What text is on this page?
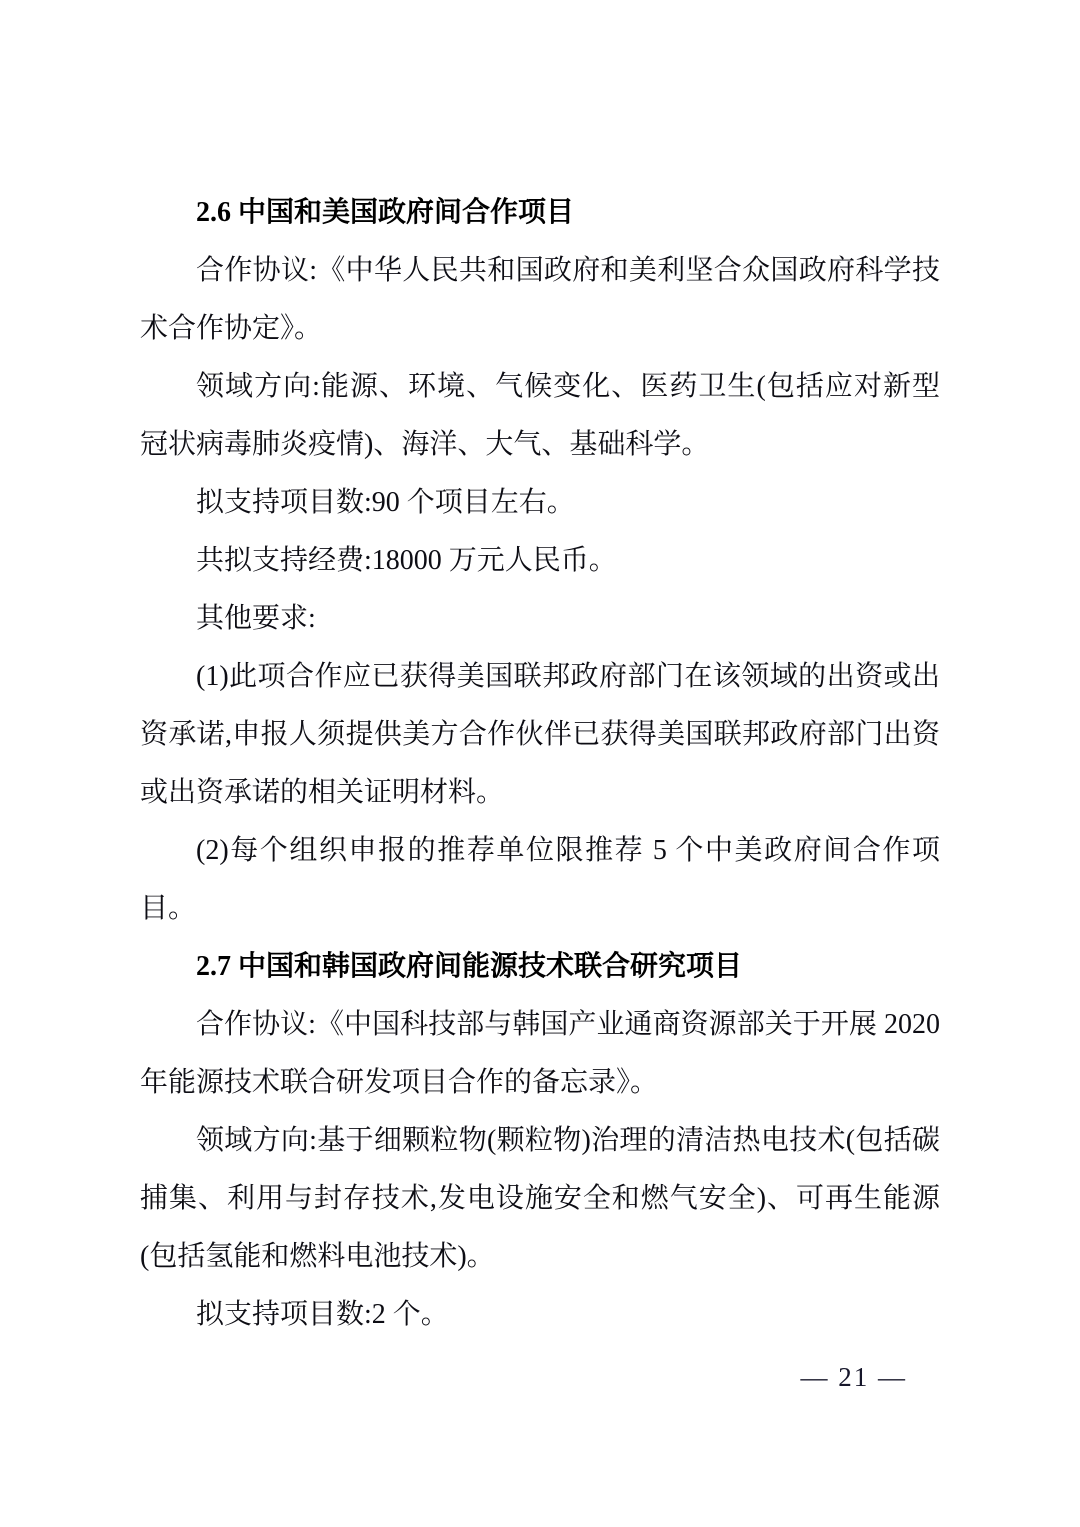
2.6 中国和美国政府间合作项目

合作协议:《中华人民共和国政府和美利坚合众国政府科学技术合作协定》。

领域方向:能源、环境、气候变化、医药卫生(包括应对新型冠状病毒肺炎疫情)、海洋、大气、基础科学。

拟支持项目数:90 个项目左右。

共拟支持经费:18000 万元人民币。

其他要求:

(1)此项合作应已获得美国联邦政府部门在该领域的出资或出资承诺,申报人须提供美方合作伙伴已获得美国联邦政府部门出资或出资承诺的相关证明材料。

(2)每个组织申报的推荐单位限推荐 5 个中美政府间合作项目。

2.7 中国和韩国政府间能源技术联合研究项目

合作协议:《中国科技部与韩国产业通商资源部关于开展 2020 年能源技术联合研发项目合作的备忘录》。

领域方向:基于细颗粒物(颗粒物)治理的清洁热电技术(包括碳捕集、利用与封存技术,发电设施安全和燃气安全)、可再生能源(包括氢能和燃料电池技术)。

拟支持项目数:2 个。

— 21 —
